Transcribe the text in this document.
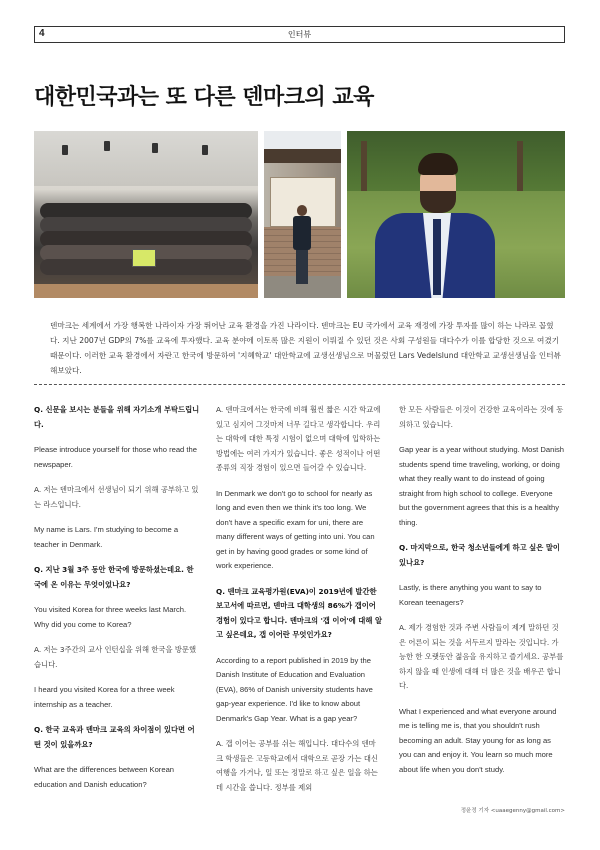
4	인터뷰
대한민국과는 또 다른 덴마크의 교육

덴마크는 세계에서 가장 행복한 나라이자 가장 뛰어난 교육 환경을 가진 나라이다. 덴마크는 EU 국가에서 교육 재정에 가장 투자를 많이 하는 나라로 꼽혔다. 지난 2007년 GDP의 7%를 교육에 투자했다. 교육 분야에 이토록 많은 지원이 이뤄질 수 있던 것은 사회 구성원들 대다수가 이를 합당한 것으로 여겼기 때문이다. 이러한 교육 환경에서 자란고 한국에 방문하여 '지혜학교' 대안학교에 교생선생님으로 머물렀던 Lars Vedelslund 대안학교 교생선생님을 인터뷰 해보았다.

Q. 신문을 보시는 분들을 위해 자기소개 부탁드립니다.

Please introduce yourself for those who read the newspaper.

A. 저는 덴마크에서 선생님이 되기 위해 공부하고 있는 라스입니다.

My name is Lars. I'm studying to become a teacher in Denmark.

Q. 지난 3월 3주 동안 한국에 방문하셨는데요. 한국에 온 이유는 무엇이었나요?

You visited Korea for three weeks last March. Why did you come to Korea?

A. 저는 3주간의 교사 인턴십을 위해 한국을 방문했습니다.

I heard you visited Korea for a three week internship as a teacher.

Q. 한국 교육과 덴마크 교육의 차이점이 있다면 어떤 것이 있을까요?

What are the differences between Korean education and Danish education?

A. 덴마크에서는 한국에 비해 훨씬 짧은 시간 학교에 있고 심지어 그것마저 너무 길다고 생각합니다. 우리는 대학에 대한 특정 시험이 없으며 대학에 입학하는 방법에는 여러 가지가 있습니다. 좋은 성적이나 어떤 종류의 직장 경험이 있으면 들어갈 수 있습니다.

In Denmark we don't go to school for nearly as long and even then we think it's too long. We don't have a specific exam for uni, there are many different ways of getting into uni. You can get in by having good grades or some kind of work experience.

Q. 덴마크 교육평가원(EVA)이 2019년에 발간한 보고서에 따르면, 덴마크 대학생의 86%가 갭이어 경험이 있다고 합니다. 덴마크의 '갭 이어'에 대해 알고 싶은데요, 갭 이어란 무엇인가요?

According to a report published in 2019 by the Danish Institute of Education and Evaluation (EVA), 86% of Danish university students have gap-year experience. I'd like to know about Denmark's Gap Year. What is a gap year?

A. 갭 이어는 공부를 쉬는 해입니다. 대다수의 덴마크 학생들은 고등학교에서 대학으로 곧장 가는 대신 여행을 가거나, 일 또는 정말로 하고 싶은 일을 하는 데 시간을 씁니다. 정부를 제외

한 모든 사람들은 이것이 건강한 교육이라는 것에 동의하고 있습니다.

Gap year is a year without studying. Most Danish students spend time traveling, working, or doing what they really want to do instead of going straight from high school to college. Everyone but the government agrees that this is a healthy thing.

Q. 마지막으로, 한국 청소년들에게 하고 싶은 말이 있나요?

Lastly, is there anything you want to say to Korean teenagers?

A. 제가 경험한 것과 주변 사람들이 제게 말하던 것은 어른이 되는 것을 서두르지 말라는 것입니다. 가능한 한 오랫동안 젊음을 유지하고 즐기세요. 공부를 하지 않을 때 인생에 대해 더 많은 것을 배우곤 합니다.

What I experienced and what everyone around me is telling me is, that you shouldn't rush becoming an adult. Stay young for as long as you can and enjoy it. You learn so much more about life when you don't study.

정윤정 기자 <uaaegenny@gmail.com>
